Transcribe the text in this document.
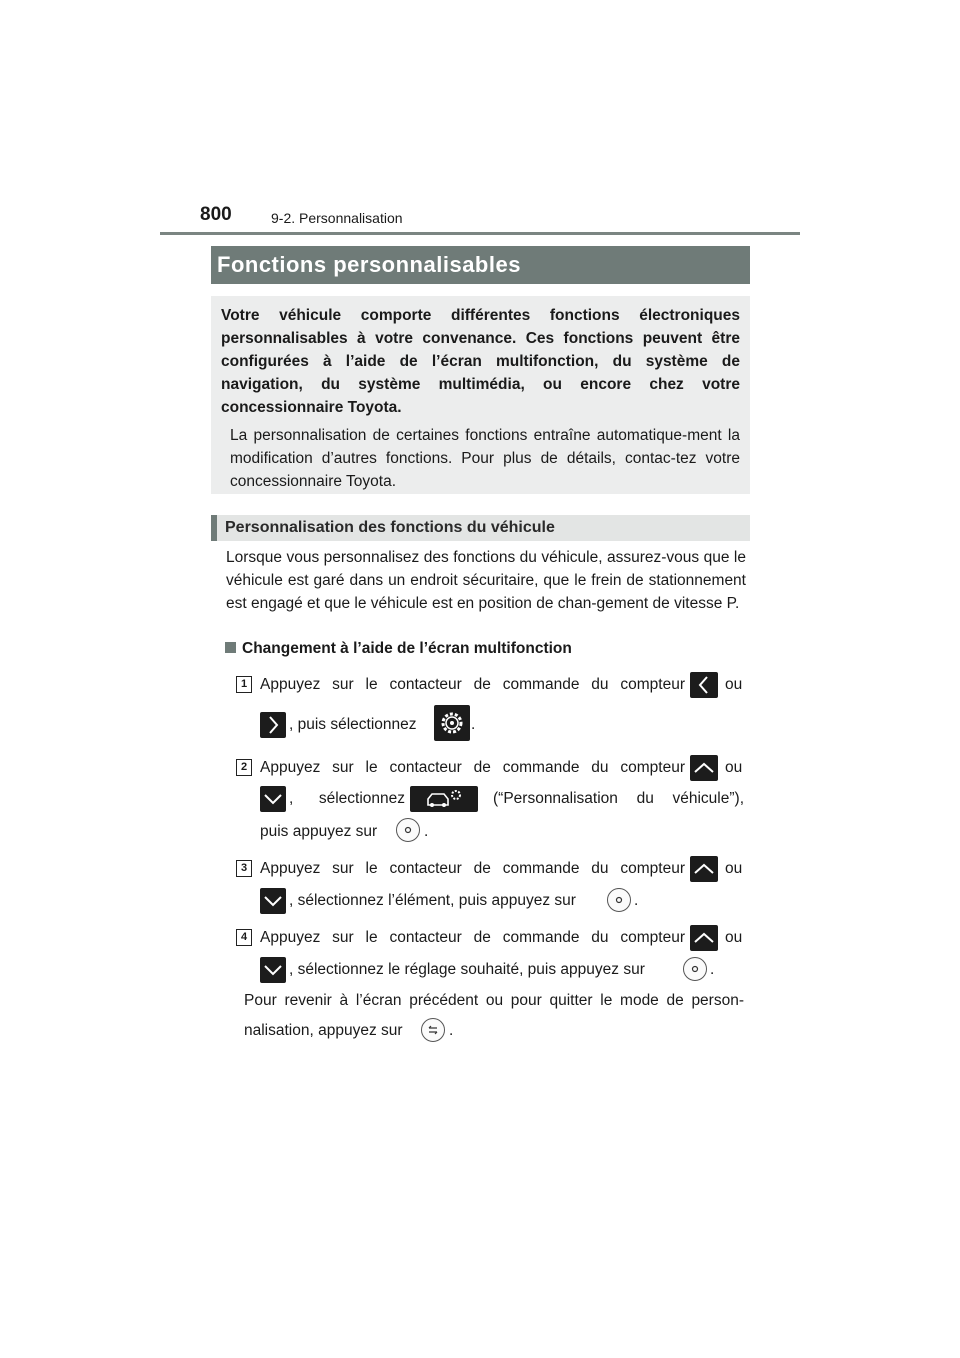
800	9-2. Personnalisation
Fonctions personnalisables

Votre véhicule comporte différentes fonctions électroniques personnalisables à votre convenance. Ces fonctions peuvent être configurées à l’aide de l’écran multifonction, du système de navigation, du système multimédia, ou encore chez votre concessionnaire Toyota.

La personnalisation de certaines fonctions entraîne automatique-ment la modification d’autres fonctions. Pour plus de détails, contac-tez votre concessionnaire Toyota.

Personnalisation des fonctions du véhicule
Lorsque vous personnalisez des fonctions du véhicule, assurez-vous que le véhicule est garé dans un endroit sécuritaire, que le frein de stationnement est engagé et que le véhicule est en position de chan-gement de vitesse P.
Changement à l’aide de l’écran multifonction
1 Appuyez sur le contacteur de commande du compteur	ou
, puis sélectionnez	.
2 Appuyez sur le contacteur de commande du compteur	ou
, sélectionnez	(“Personnalisation du véhicule”),
puis appuyez sur	.
3 Appuyez sur le contacteur de commande du compteur	ou
, sélectionnez l’élément, puis appuyez sur	.
4 Appuyez sur le contacteur de commande du compteur	ou
, sélectionnez le réglage souhaité, puis appuyez sur	.
Pour revenir à l’écran précédent ou pour quitter le mode de person-
nalisation, appuyez sur	.
